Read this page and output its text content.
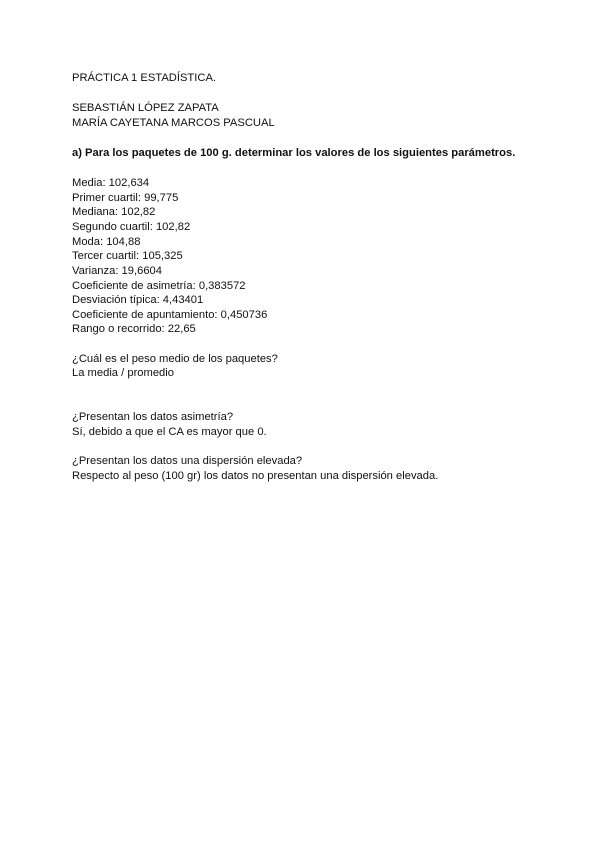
PRÁCTICA 1 ESTADÍSTICA.
SEBASTIÁN LÓPEZ ZAPATA
MARÍA CAYETANA MARCOS PASCUAL
a) Para los paquetes de 100 g. determinar los valores de los siguientes parámetros.
Media: 102,634
Primer cuartil: 99,775
Mediana: 102,82
Segundo cuartil: 102,82
Moda: 104,88
Tercer cuartil: 105,325
Varianza: 19,6604
Coeficiente de asimetría: 0,383572
Desviación típica: 4,43401
Coeficiente de apuntamiento: 0,450736
Rango o recorrido: 22,65
¿Cuál es el peso medio de los paquetes?
La media / promedio
¿Presentan los datos asimetría?
Sí, debido a que el CA es mayor que 0.
¿Presentan los datos una dispersión elevada?
Respecto al peso (100 gr) los datos no presentan una dispersión elevada.
